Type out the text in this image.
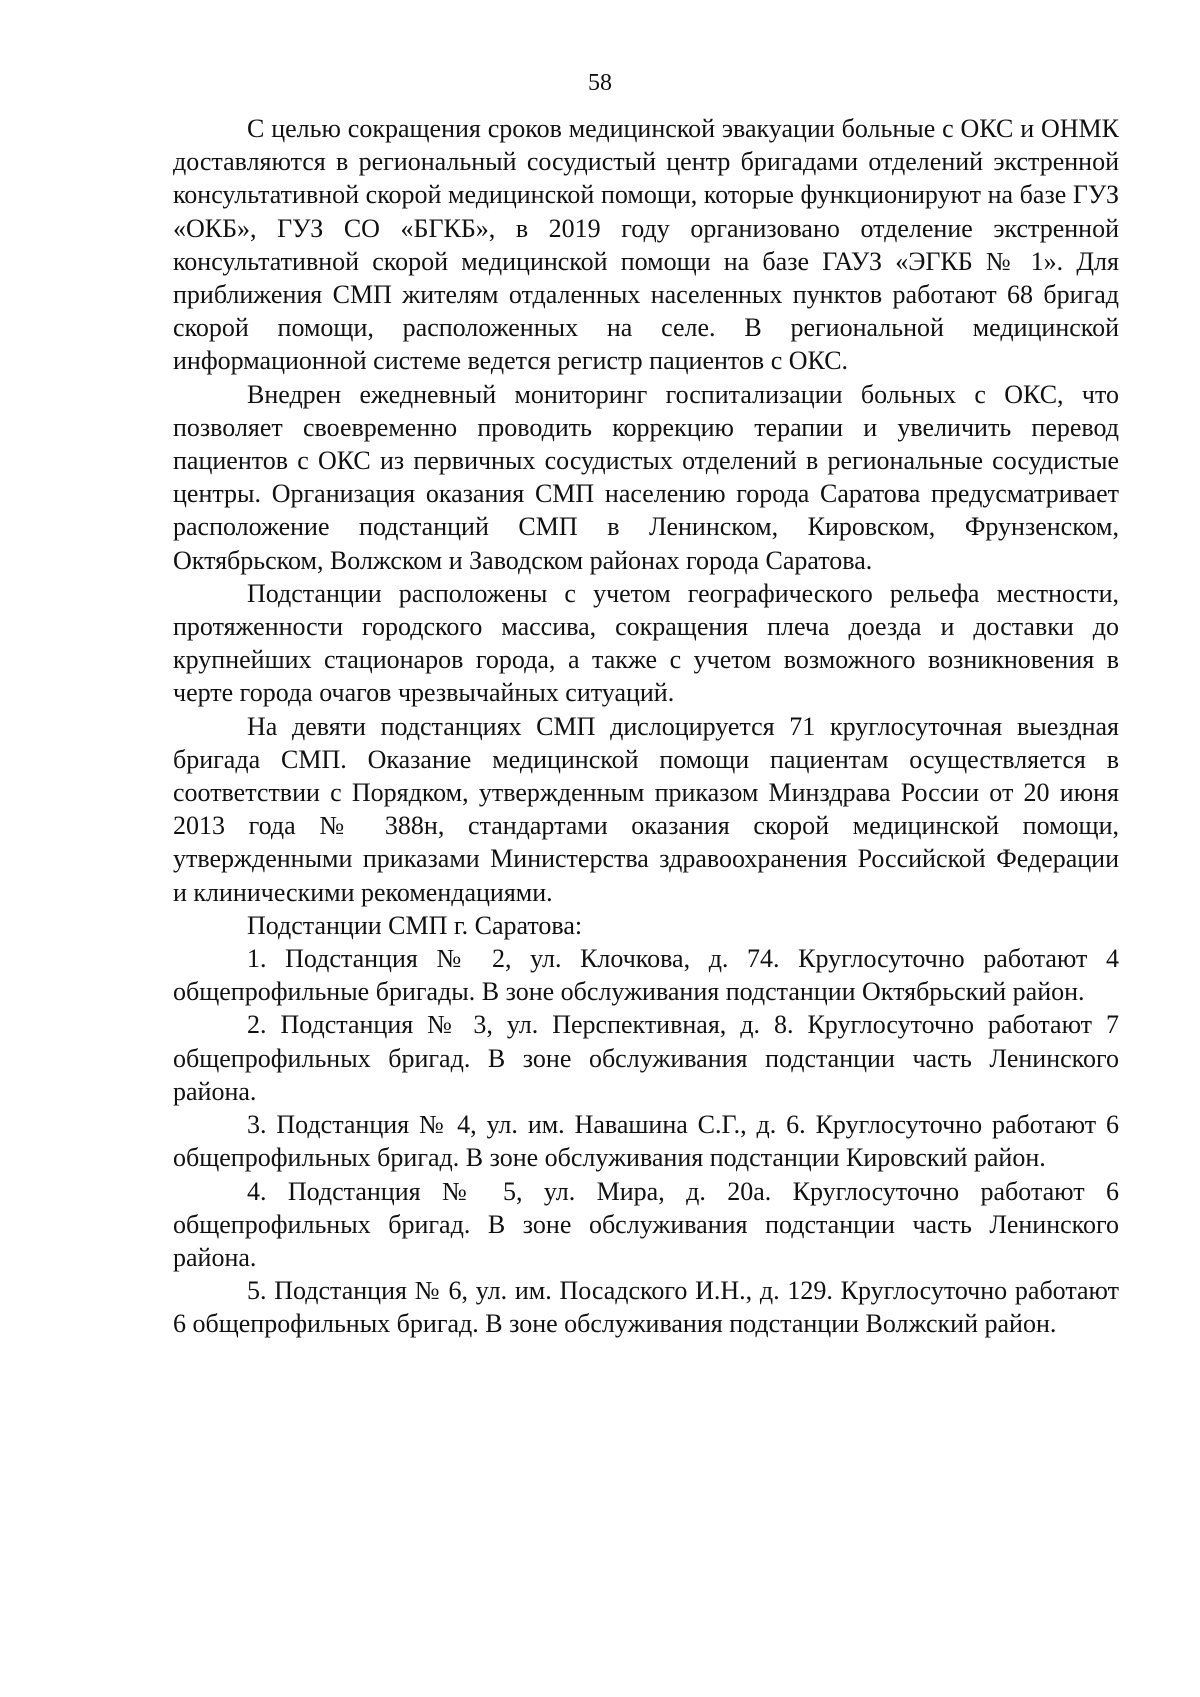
58

С целью сокращения сроков медицинской эвакуации больные с ОКС и ОНМК доставляются в региональный сосудистый центр бригадами отделений экстренной консультативной скорой медицинской помощи, которые функционируют на базе ГУЗ «ОКБ», ГУЗ СО «БГКБ», в 2019 году организовано отделение экстренной консультативной скорой медицинской помощи на базе ГАУЗ «ЭГКБ № 1». Для приближения СМП жителям отдаленных населенных пунктов работают 68 бригад скорой помощи, расположенных на селе. В региональной медицинской информационной системе ведется регистр пациентов с ОКС.

Внедрен ежедневный мониторинг госпитализации больных с ОКС, что позволяет своевременно проводить коррекцию терапии и увеличить перевод пациентов с ОКС из первичных сосудистых отделений в региональные сосудистые центры. Организация оказания СМП населению города Саратова предусматривает расположение подстанций СМП в Ленинском, Кировском, Фрунзенском, Октябрьском, Волжском и Заводском районах города Саратова.

Подстанции расположены с учетом географического рельефа местности, протяженности городского массива, сокращения плеча доезда и доставки до крупнейших стационаров города, а также с учетом возможного возникновения в черте города очагов чрезвычайных ситуаций.

На девяти подстанциях СМП дислоцируется 71 круглосуточная выездная бригада СМП. Оказание медицинской помощи пациентам осуществляется в соответствии с Порядком, утвержденным приказом Минздрава России от 20 июня 2013 года № 388н, стандартами оказания скорой медицинской помощи, утвержденными приказами Министерства здравоохранения Российской Федерации и клиническими рекомендациями.

Подстанции СМП г. Саратова:

1. Подстанция № 2, ул. Клочкова, д. 74. Круглосуточно работают 4 общепрофильные бригады. В зоне обслуживания подстанции Октябрьский район.

2. Подстанция № 3, ул. Перспективная, д. 8. Круглосуточно работают 7 общепрофильных бригад. В зоне обслуживания подстанции часть Ленинского района.

3. Подстанция № 4, ул. им. Навашина С.Г., д. 6. Круглосуточно работают 6 общепрофильных бригад. В зоне обслуживания подстанции Кировский район.

4. Подстанция № 5, ул. Мира, д. 20а. Круглосуточно работают 6 общепрофильных бригад. В зоне обслуживания подстанции часть Ленинского района.

5. Подстанция № 6, ул. им. Посадского И.Н., д. 129. Круглосуточно работают 6 общепрофильных бригад. В зоне обслуживания подстанции Волжский район.
